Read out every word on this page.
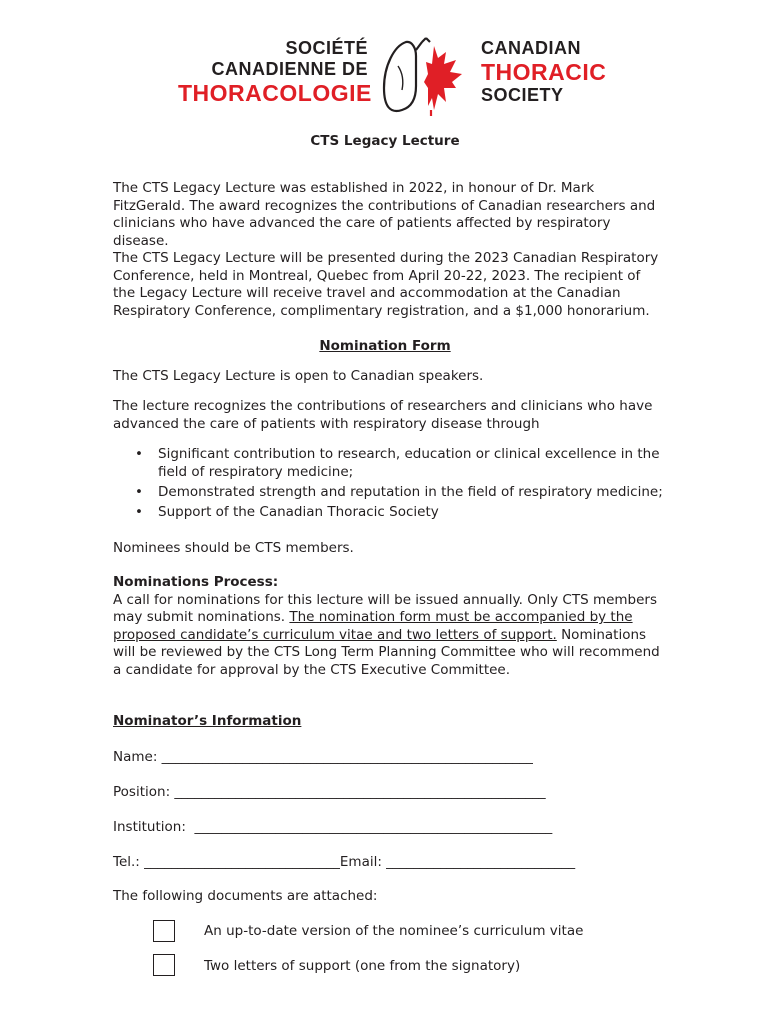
SOCIÉTÉ
CANADIENNE DE
THORACOLOGIE
CANADIAN
THORACIC
SOCIETY
CTS Legacy Lecture
The CTS Legacy Lecture was established in 2022, in honour of Dr. Mark FitzGerald. The award recognizes the contributions of Canadian researchers and clinicians who have advanced the care of patients affected by respiratory disease.
The CTS Legacy Lecture will be presented during the 2023 Canadian Respiratory Conference, held in Montreal, Quebec from April 20-22, 2023. The recipient of the Legacy Lecture will receive travel and accommodation at the Canadian Respiratory Conference, complimentary registration, and a $1,000 honorarium.
Nomination Form
The CTS Legacy Lecture is open to Canadian speakers.
The lecture recognizes the contributions of researchers and clinicians who have advanced the care of patients with respiratory disease through
• Significant contribution to research, education or clinical excellence in the field of respiratory medicine;
• Demonstrated strength and reputation in the field of respiratory medicine;
• Support of the Canadian Thoracic Society
Nominees should be CTS members.
Nominations Process:
A call for nominations for this lecture will be issued annually. Only CTS members may submit nominations. The nomination form must be accompanied by the proposed candidate’s curriculum vitae and two letters of support. Nominations will be reviewed by the CTS Long Term Planning Committee who will recommend a candidate for approval by the CTS Executive Committee.
Nominator’s Information
Name: _______________________________________________________
Position: _______________________________________________________
Institution:  _____________________________________________________
Tel.: _____________________________Email: ____________________________
The following documents are attached:
An up-to-date version of the nominee’s curriculum vitae
Two letters of support (one from the signatory)
